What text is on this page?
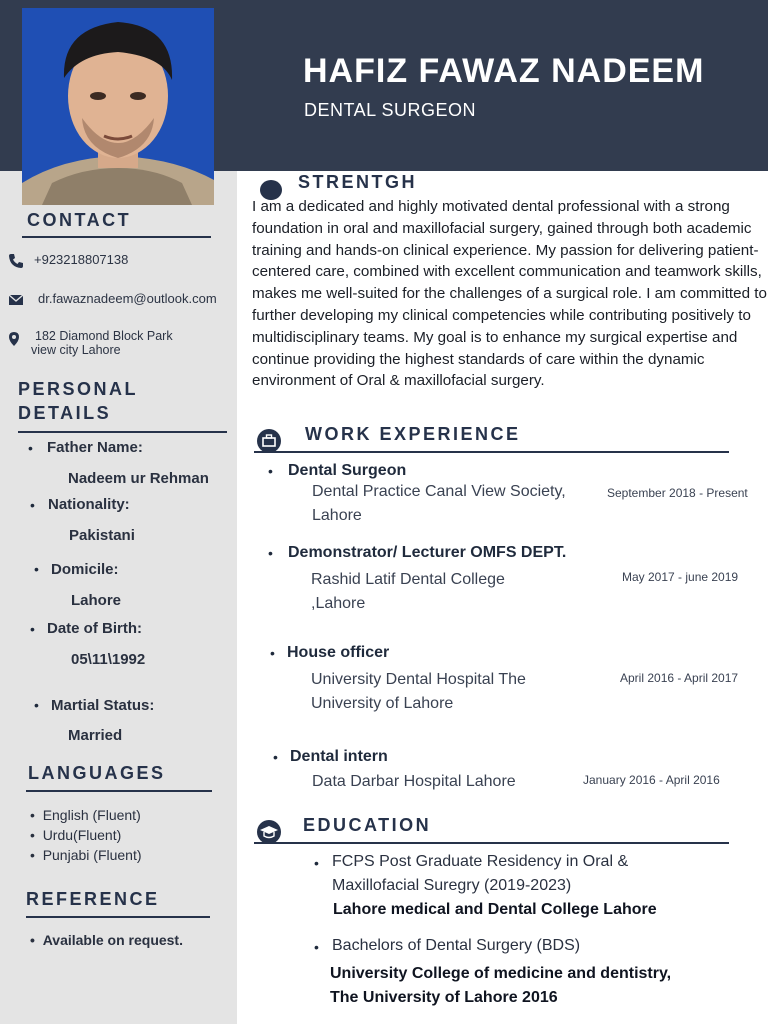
HAFIZ FAWAZ NADEEM
DENTAL SURGEON
CONTACT
+923218807138
dr.fawaznadeem@outlook.com
182 Diamond Block Park
view city Lahore
PERSONAL
DETAILS
• Father Name:
Nadeem ur Rehman
• Nationality:
Pakistani
• Domicile:
Lahore
• Date of Birth:
05\11\1992
• Martial Status:
Married
LANGUAGES
•  English (Fluent)
•  Urdu(Fluent)
•  Punjabi (Fluent)
REFERENCE
•  Available on request.
STRENTGH
I am a dedicated and highly motivated dental professional with a strong foundation in oral and maxillofacial surgery, gained through both academic training and hands-on clinical experience. My passion for delivering patient-centered care, combined with excellent communication and teamwork skills, makes me well-suited for the challenges of a surgical role. I am committed to further developing my clinical competencies while contributing positively to multidisciplinary teams. My goal is to enhance my surgical expertise and continue providing the highest standards of care within the dynamic environment of Oral & maxillofacial surgery.
WORK EXPERIENCE
• Dental Surgeon
Dental Practice Canal View Society,
Lahore
September 2018 - Present
• Demonstrator/ Lecturer OMFS DEPT.
Rashid Latif Dental College
,Lahore
May 2017 - june 2019
• House officer
University Dental Hospital The
University of Lahore
April 2016 - April 2017
• Dental intern
Data Darbar Hospital Lahore	January 2016 - April 2016
EDUCATION
• FCPS Post Graduate Residency in Oral &
Maxillofacial Suregry (2019-2023)
Lahore medical and Dental College Lahore
• Bachelors of Dental Surgery (BDS)
University College of medicine and dentistry,
The University of Lahore 2016
